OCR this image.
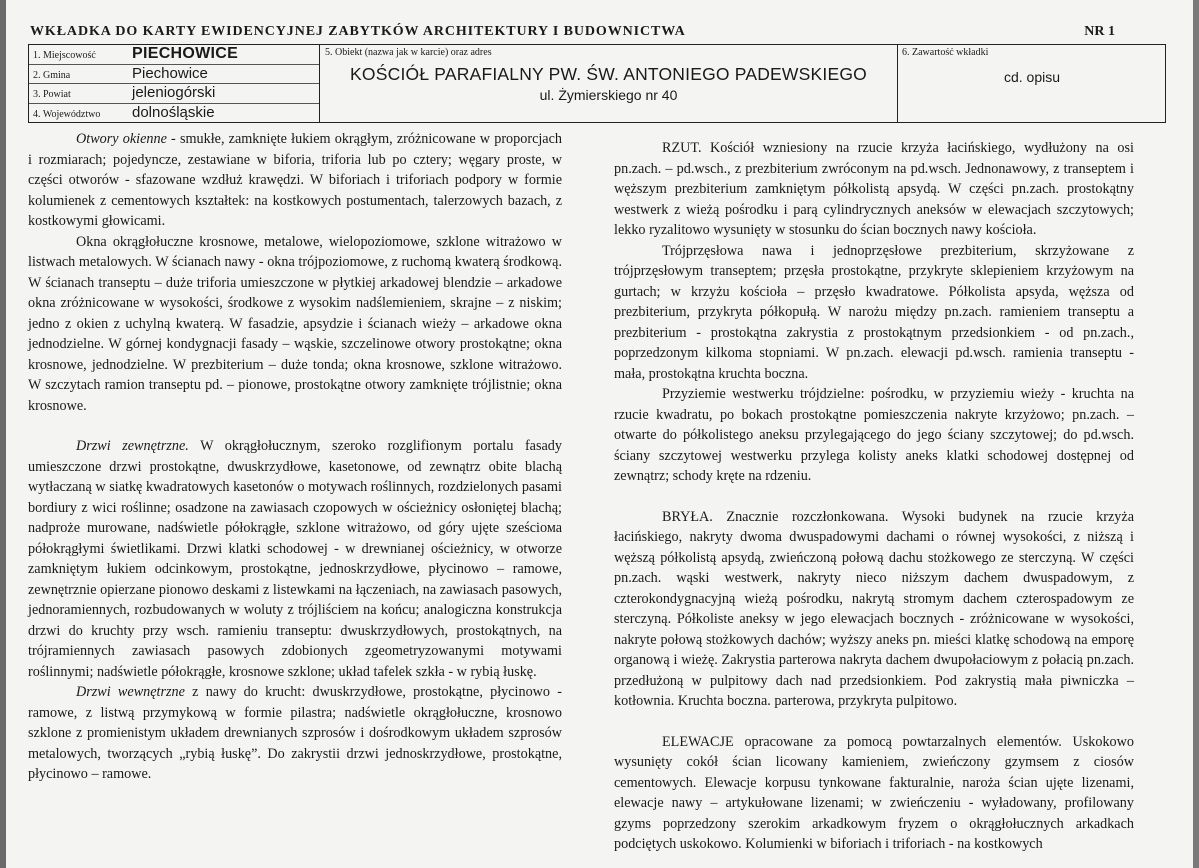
WKŁADKA DO KARTY EWIDENCYJNEJ ZABYTKÓW ARCHITEKTURY I BUDOWNICTWA	NR 1
1. Miejscowość PIECHOWICE
2. Gmina	Piechowice
3. Powiat	jeleniogórski
4. Województwo dolnośląskie
5. Obiekt (nazwa jak w karcie) oraz adres
KOŚCIÓŁ PARAFIALNY PW. ŚW. ANTONIEGO PADEWSKIEGO
ul. Żymierskiego nr 40
6. Zawartość wkładki
cd. opisu

Otwory okienne - smukłe, zamknięte łukiem okrągłym, zróżnicowane w proporcjach i rozmiarach; pojedyncze, zestawiane w biforia, triforia lub po cztery; węgary proste, w części otworów - sfazowane wzdłuż krawędzi. W biforiach i triforiach podpory w formie kolumienek z cementowych kształtek: na kostkowych postumentach, talerzowych bazach, z kostkowymi głowicami.

Okna okrągłołuczne krosnowe, metalowe, wielopoziomowe, szklone witrażowo w listwach metalowych. W ścianach nawy - okna trójpoziomowe, z ruchomą kwaterą środkową. W ścianach transeptu – duże triforia umieszczone w płytkiej arkadowej blendzie – arkadowe okna zróżnicowane w wysokości, środkowe z wysokim nadślemieniem, skrajne – z niskim; jedno z okien z uchylną kwaterą. W fasadzie, apsydzie i ścianach wieży – arkadowe okna jednodzielne. W górnej kondygnacji fasady – wąskie, szczelinowe otwory prostokątne; okna krosnowe, jednodzielne. W prezbiterium – duże tonda; okna krosnowe, szklone witrażowo. W szczytach ramion transeptu pd. – pionowe, prostokątne otwory zamknięte trójlistnie; okna krosnowe.

Drzwi zewnętrzne. W okrągłołucznym, szeroko rozglifionym portalu fasady umieszczone drzwi prostokątne, dwuskrzydłowe, kasetonowe, od zewnątrz obite blachą wytłaczaną w siatkę kwadratowych kasetonów o motywach roślinnych, rozdzielonych pasami bordiury z wici roślinne; osadzone na zawiasach czopowych w ościeżnicy osłoniętej blachą; nadproże murowane, nadświetle półokrągłe, szklone witrażowo, od góry ujęte sześciома półokrągłymi świetlikami. Drzwi klatki schodowej - w drewnianej ościeżnicy, w otworze zamkniętym łukiem odcinkowym, prostokątne, jednoskrzydłowe, płycinowo – ramowe, zewnętrznie opierzane pionowo deskami z listewkami na łączeniach, na zawiasach pasowych, jednoramiennych, rozbudowanych w woluty z trójliściem na końcu; analogiczna konstrukcja drzwi do kruchty przy wsch. ramieniu transeptu: dwuskrzydłowych, prostokątnych, na trójramiennych zawiasach pasowych zdobionych zgeometryzowanymi motywami roślinnymi; nadświetle półokrągłe, krosnowe szklone; układ tafelek szkła - w rybią łuskę.

Drzwi wewnętrzne z nawy do krucht: dwuskrzydłowe, prostokątne, płycinowo - ramowe, z listwą przymykową w formie pilastra; nadświetle okrągłołuczne, krosnowo szklone z promienistym układem drewnianych szprosów i dośrodkowym układem szprosów metalowych, tworzących „rybią łuskę”. Do zakrystii drzwi jednoskrzydłowe, prostokątne, płycinowo – ramowe.

RZUT. Kościół wzniesiony na rzucie krzyża łacińskiego, wydłużony na osi pn.zach. – pd.wsch., z prezbiterium zwróconym na pd.wsch. Jednonawowy, z transeptem i węższym prezbiterium zamkniętym półkolistą apsydą. W części pn.zach. prostokątny westwerk z wieżą pośrodku i parą cylindrycznych aneksów w elewacjach szczytowych; lekko ryzalitowo wysunięty w stosunku do ścian bocznych nawy kościoła.

Trójprzęsłowa nawa i jednoprzęsłowe prezbiterium, skrzyżowane z trójprzęsłowym transeptem; przęsła prostokątne, przykryte sklepieniem krzyżowym na gurtach; w krzyżu kościoła – przęsło kwadratowe. Półkolista apsyda, węższa od prezbiterium, przykryta półkopułą. W narożu między pn.zach. ramieniem transeptu a prezbiterium - prostokątna zakrystia z prostokątnym przedsionkiem - od pn.zach., poprzedzonym kilkoma stopniami. W pn.zach. elewacji pd.wsch. ramienia transeptu - mała, prostokątna kruchta boczna.

Przyziemie westwerku trójdzielne: pośrodku, w przyziemiu wieży - kruchta na rzucie kwadratu, po bokach prostokątne pomieszczenia nakryte krzyżowo; pn.zach. – otwarte do półkolistego aneksu przylegającego do jego ściany szczytowej; do pd.wsch. ściany szczytowej westwerku przylega kolisty aneks klatki schodowej dostępnej od zewnątrz; schody kręte na rdzeniu.

BRYŁA. Znacznie rozczłonkowana. Wysoki budynek na rzucie krzyża łacińskiego, nakryty dwoma dwuspadowymi dachami o równej wysokości, z niższą i węższą półkolistą apsydą, zwieńczoną połową dachu stożkowego ze sterczyną. W części pn.zach. wąski westwerk, nakryty nieco niższym dachem dwuspadowym, z czterokondygnacyjną wieżą pośrodku, nakrytą stromym dachem czterospadowym ze sterczyną. Półkoliste aneksy w jego elewacjach bocznych - zróżnicowane w wysokości, nakryte połową stożkowych dachów; wyższy aneks pn. mieści klatkę schodową na emporę organową i wieżę. Zakrystia parterowa nakryta dachem dwupołaciowym z połacią pn.zach. przedłużoną w pulpitowy dach nad przedsionkiem. Pod zakrystią mała piwniczka – kotłownia. Kruchta boczna. parterowa, przykryta pulpitowo.

ELEWACJE opracowane za pomocą powtarzalnych elementów. Uskokowo wysunięty cokół ścian licowany kamieniem, zwieńczony gzymsem z ciosów cementowych. Elewacje korpusu tynkowane fakturalnie, naroża ścian ujęte lizenami, elewacje nawy – artykułowane lizenami; w zwieńczeniu - wyładowany, profilowany gzyms poprzedzony szerokim arkadkowym fryzem o okrągłołucznych arkadkach podciętych uskokowo. Kolumienki w biforiach i triforiach - na kostkowych
